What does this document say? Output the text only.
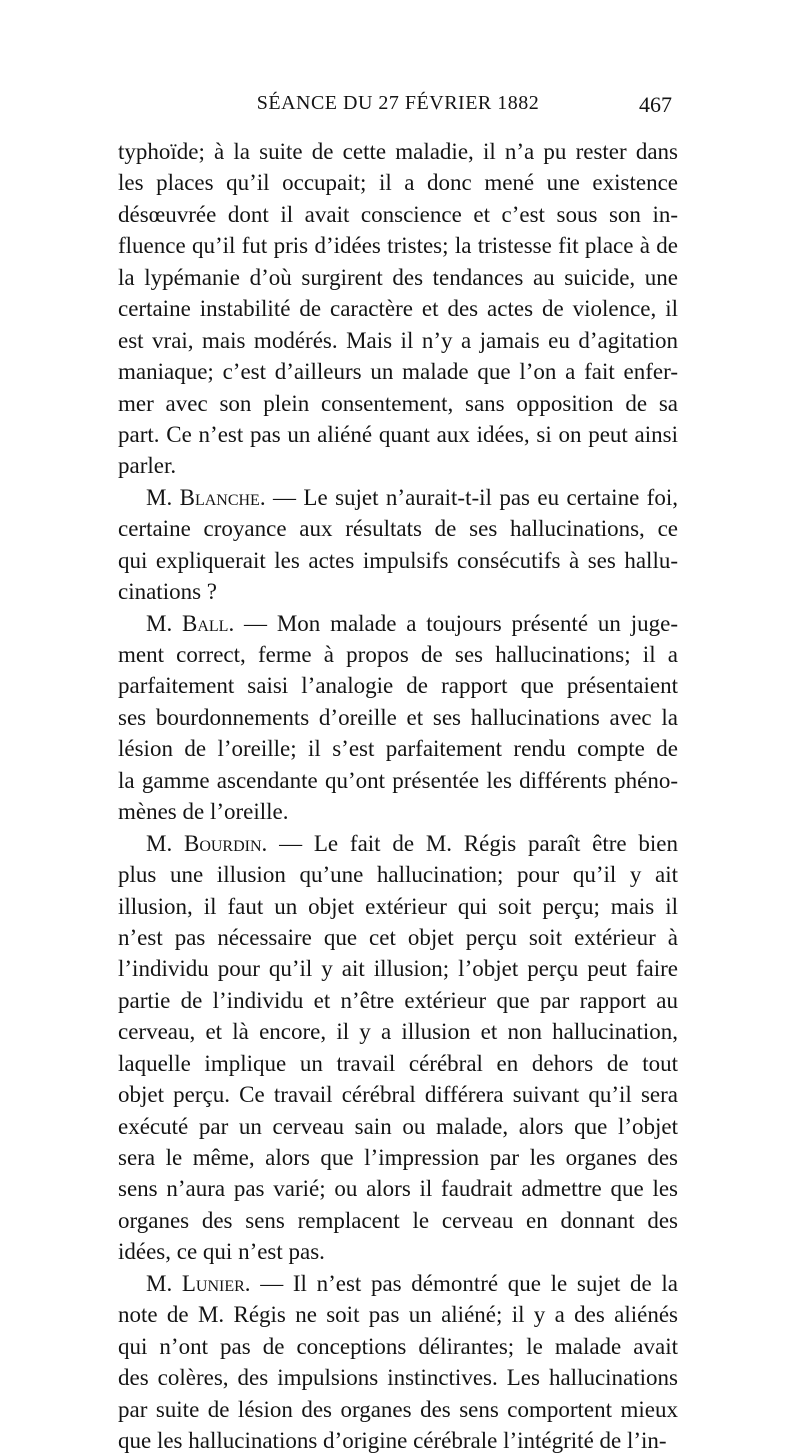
SÉANCE DU 27 FÉVRIER 1882	467
typhoïde; à la suite de cette maladie, il n’a pu rester dans
les places qu’il occupait; il a donc mené une existence
désœuvrée dont il avait conscience et c’est sous son in-
fluence qu’il fut pris d’idées tristes; la tristesse fit place à de
la lypémanie d’où surgirent des tendances au suicide, une
certaine instabilité de caractère et des actes de violence, il
est vrai, mais modérés. Mais il n’y a jamais eu d’agitation
maniaque; c’est d’ailleurs un malade que l’on a fait enfer-
mer avec son plein consentement, sans opposition de sa
part. Ce n’est pas un aliéné quant aux idées, si on peut ainsi
parler.
M. Blanche. — Le sujet n’aurait-t-il pas eu certaine foi,
certaine croyance aux résultats de ses hallucinations, ce
qui expliquerait les actes impulsifs consécutifs à ses hallu-
cinations ?
M. Ball. — Mon malade a toujours présenté un juge-
ment correct, ferme à propos de ses hallucinations; il a
parfaitement saisi l’analogie de rapport que présentaient
ses bourdonnements d’oreille et ses hallucinations avec la
lésion de l’oreille; il s’est parfaitement rendu compte de
la gamme ascendante qu’ont présentée les différents phéno-
mènes de l’oreille.
M. Bourdin. — Le fait de M. Régis paraît être bien
plus une illusion qu’une hallucination; pour qu’il y ait
illusion, il faut un objet extérieur qui soit perçu; mais il
n’est pas nécessaire que cet objet perçu soit extérieur à
l’individu pour qu’il y ait illusion; l’objet perçu peut faire
partie de l’individu et n’être extérieur que par rapport au
cerveau, et là encore, il y a illusion et non hallucination,
laquelle implique un travail cérébral en dehors de tout
objet perçu. Ce travail cérébral différera suivant qu’il sera
exécuté par un cerveau sain ou malade, alors que l’objet
sera le même, alors que l’impression par les organes des
sens n’aura pas varié; ou alors il faudrait admettre que les
organes des sens remplacent le cerveau en donnant des
idées, ce qui n’est pas.
M. Lunier. — Il n’est pas démontré que le sujet de la
note de M. Régis ne soit pas un aliéné; il y a des aliénés
qui n’ont pas de conceptions délirantes; le malade avait
des colères, des impulsions instinctives. Les hallucinations
par suite de lésion des organes des sens comportent mieux
que les hallucinations d’origine cérébrale l’intégrité de l’in-
